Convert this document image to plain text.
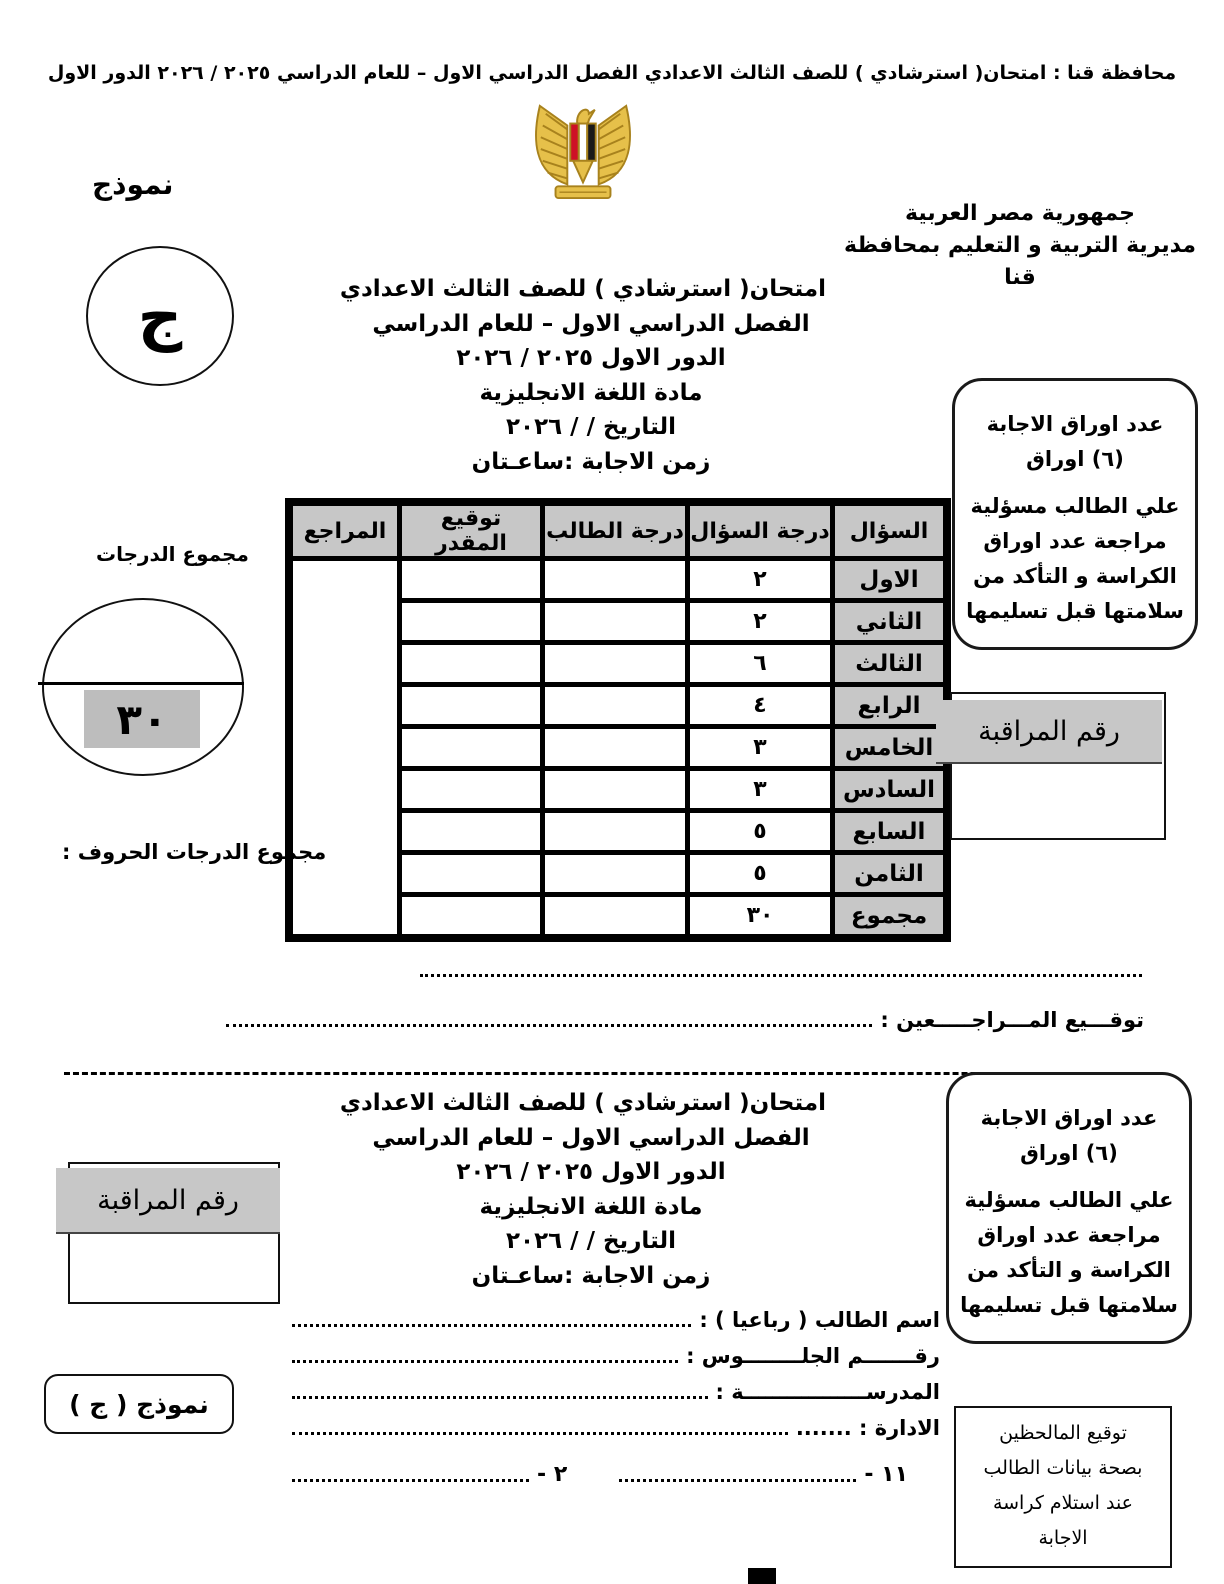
محافظة قنا : امتحان( استرشادي ) للصف الثالث الاعدادي الفصل الدراسي الاول – للعام الدراسي ٢٠٢٥ / ٢٠٢٦ الدور الاول
جمهورية مصر العربية
مديرية التربية و التعليم بمحافظة قنا
نموذج
ج	امتحان( استرشادي ) للصف الثالث الاعدادي
الفصل الدراسي الاول – للعام الدراسي
الدور الاول ٢٠٢٥ / ٢٠٢٦
مادة اللغة الانجليزية
التاريخ / / ٢٠٢٦
زمن الاجابة :ساعـتان
عدد اوراق الاجابة
(٦) اوراق
علي الطالب مسؤلية
مراجعة عدد اوراق
الكراسة و التأكد من
سلامتها قبل تسليمها
السؤال	درجة السؤال	درجة الطالب	توقيع المقدر	المراجع
الاول	٢			
الثاني	٢			
الثالث	٦			
الرابع	٤			
الخامس	٣			
السادس	٣			
السابع	٥			
الثامن	٥			
مجموع	٣٠			
مجموع الدرجات
٣٠
مجموع الدرجات الحروف :
رقم المراقبة
توقـــيع المـــراجـــــعين :
امتحان( استرشادي ) للصف الثالث الاعدادي
الفصل الدراسي الاول – للعام الدراسي
الدور الاول ٢٠٢٥ / ٢٠٢٦
مادة اللغة الانجليزية
التاريخ / / ٢٠٢٦
زمن الاجابة :ساعـتان
عدد اوراق الاجابة
(٦) اوراق
علي الطالب مسؤلية
مراجعة عدد اوراق
الكراسة و التأكد من
سلامتها قبل تسليمها
رقم المراقبة
نموذج ( ج )
اسم الطالب ( رباعيا ) :
رقـــــــم الجلــــــــوس :
المدرســـــــــــــــــة :
الادارة : .......
١١ -
٢ -
توقيع المالحظين
بصحة بيانات الطالب
عند استلام كراسة
الاجابة
